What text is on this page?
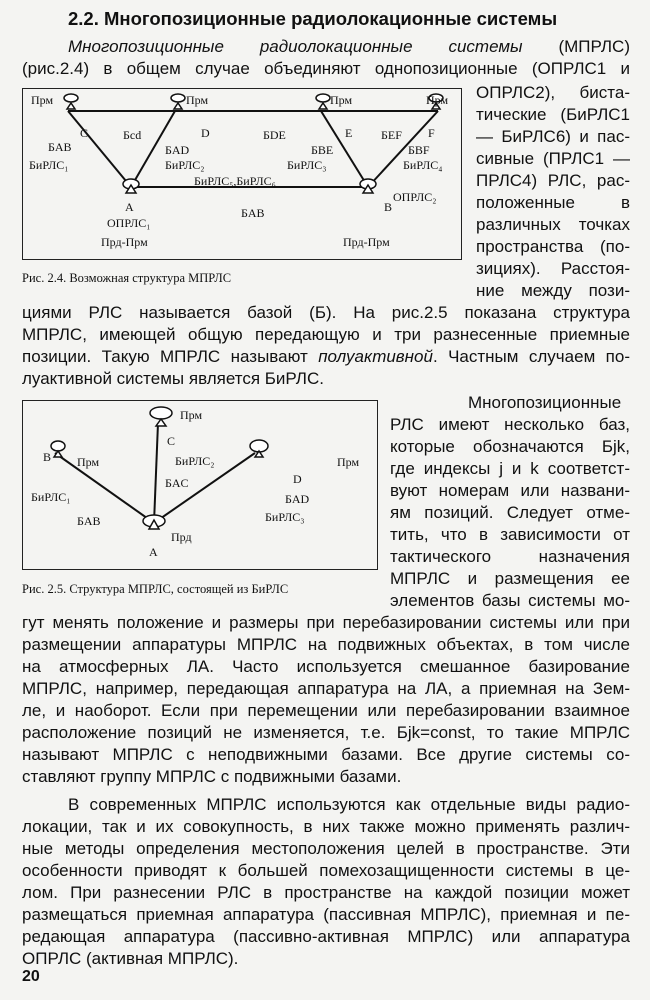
2.2. Многопозиционные радиолокационные системы
Многопозиционные радиолокационные системы (МПРЛС)
(рис.2.4) в общем случае объединяют однопозиционные (ОПРЛС1 и
Прм	Прм	Прм	Прм
C	D	E	F
A	B
Бсd	БDE	БEF
БAB
БиРЛС₁
БAD
БиРЛС₂
БBE
БиРЛС₃
БBF
БиРЛС₄
БиРЛС₅,БиРЛС₆
БAB
ОПРЛС₂
ОПРЛС₁
Прд-Прм	Прд-Прм
Рис. 2.4. Возможная структура МПРЛС
ОПРЛС2), биста-
тические (БиРЛС1
— БиРЛС6) и пас-
сивные (ПРЛС1 —
ПРЛС4) РЛС, рас-
положенные в
различных точках
пространства (по-
зициях). Расстоя-
ние между пози-
циями РЛС называется базой (Б). На рис.2.5 показана структура
МПРЛС, имеющей общую передающую и три разнесенные приемные
позиции. Такую МПРЛС называют полуактивной. Частным случаем по-
луактивной системы является БиРЛС.
B Прм
C
Прм
БиРЛС₂
БAC
Прм
D
БAD
БиРЛС₃
БиРЛС₁
БAB
Прд
A
Рис. 2.5. Структура МПРЛС, состоящей из БиРЛС
Многопозиционные
РЛС имеют несколько баз,
которые обозначаются Бjk,
где индексы j и k соответст-
вуют номерам или названи-
ям позиций. Следует отме-
тить, что в зависимости от
тактического назначения
МПРЛС и размещения ее
элементов базы системы мо-
гут менять положение и размеры при перебазировании системы или при
размещении аппаратуры МПРЛС на подвижных объектах, в том числе
на атмосферных ЛА. Часто используется смешанное базирование
МПРЛС, например, передающая аппаратура на ЛА, а приемная на Зем-
ле, и наоборот. Если при перемещении или перебазировании взаимное
расположение позиций не изменяется, т.е. Бjk=const, то такие МПРЛС
называют МПРЛС с неподвижными базами. Все другие системы со-
ставляют группу МПРЛС с подвижными базами.
В современных МПРЛС используются как отдельные виды радио-
локации, так и их совокупность, в них также можно применять различ-
ные методы определения местоположения целей в пространстве. Эти
особенности приводят к большей помехозащищенности системы в це-
лом. При разнесении РЛС в пространстве на каждой позиции может
размещаться приемная аппаратура (пассивная МПРЛС), приемная и пе-
редающая аппаратура (пассивно-активная МПРЛС) или аппаратура
ОПРЛС (активная МПРЛС).
20
